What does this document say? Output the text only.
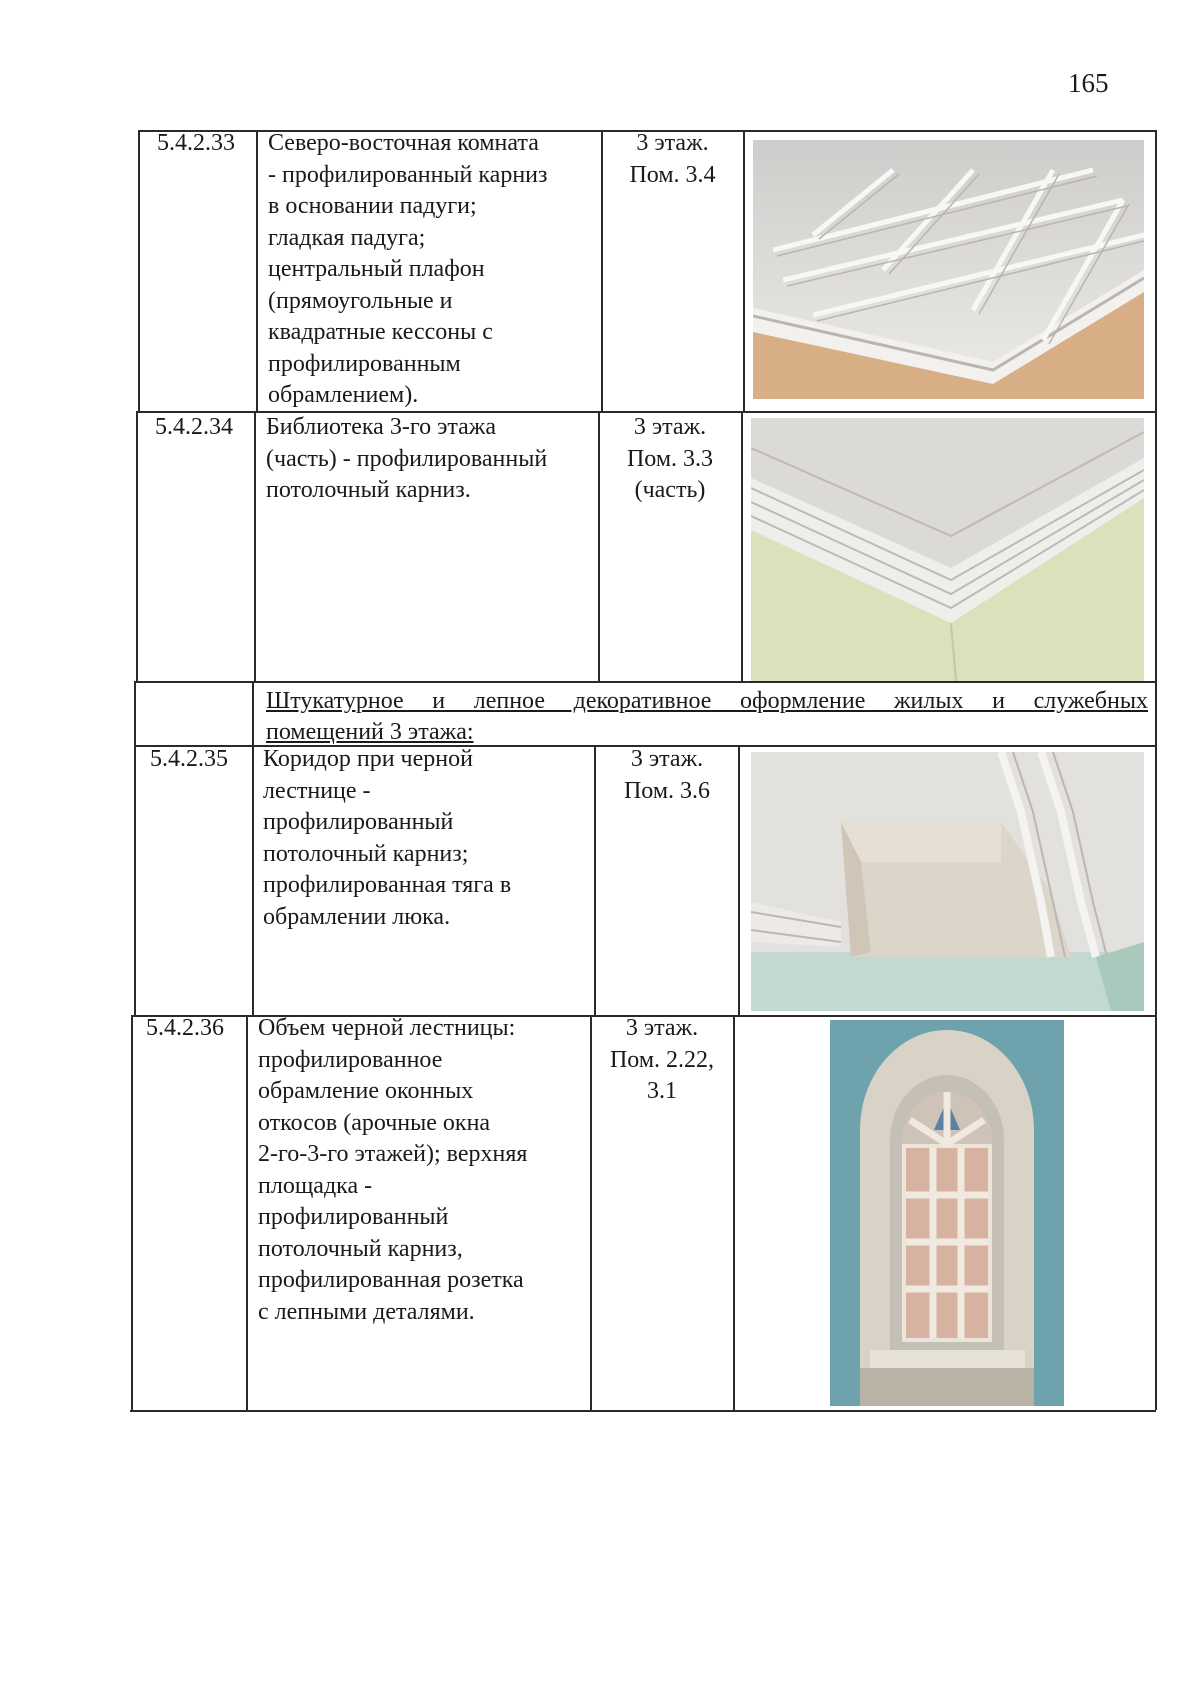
165
5.4.2.33 Северо-восточная комната
- профилированный карниз
в основании падуги;
гладкая падуга;
центральный плафон
(прямоугольные и
квадратные кессоны с
профилированным
обрамлением).
3 этаж.
Пом. 3.4
5.4.2.34 Библиотека 3-го этажа
(часть) - профилированный
потолочный карниз.
3 этаж.
Пом. 3.3
(часть)
Штукатурное и лепное декоративное оформление жилых и служебных
помещений 3 этажа:
5.4.2.35 Коридор при черной
лестнице -
профилированный
потолочный карниз;
профилированная тяга в
обрамлении люка.
3 этаж.
Пом. 3.6
5.4.2.36 Объем черной лестницы:
профилированное
обрамление оконных
откосов (арочные окна
2-го-3-го этажей); верхняя
площадка -
профилированный
потолочный карниз,
профилированная розетка
с лепными деталями.
3 этаж.
Пом. 2.22,
3.1
